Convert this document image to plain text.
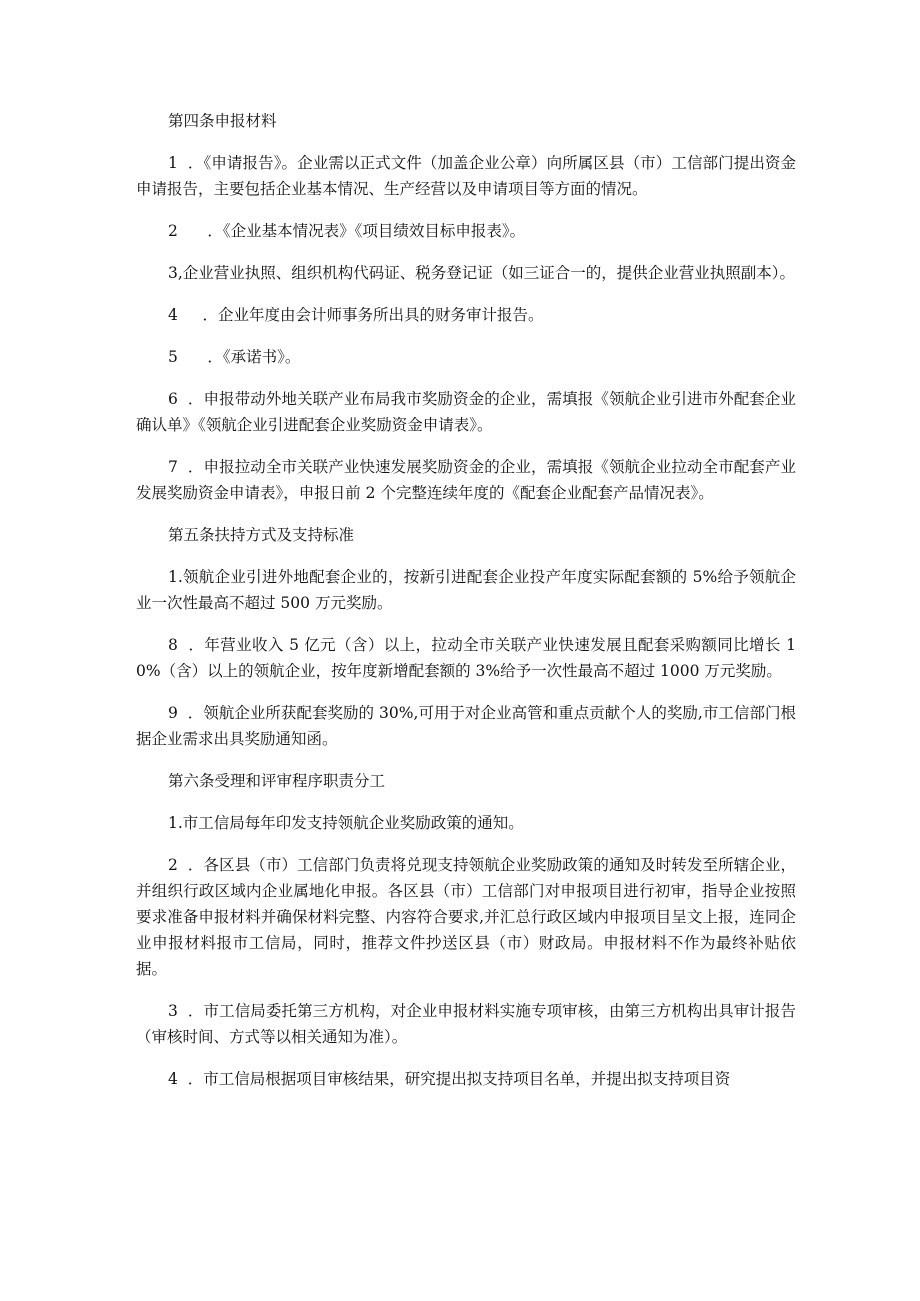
第四条申报材料

1  ．《申请报告》。企业需以正式文件（加盖企业公章）向所属区县（市）工信部门提出资金申请报告，主要包括企业基本情况、生产经营以及申请项目等方面的情况。

2      ．《企业基本情况表》《项目绩效目标申报表》。

3,企业营业执照、组织机构代码证、税务登记证（如三证合一的，提供企业营业执照副本）。

4     ．企业年度由会计师事务所出具的财务审计报告。

5      ．《承诺书》。

6  ．申报带动外地关联产业布局我市奖励资金的企业，需填报《领航企业引进市外配套企业确认单》《领航企业引进配套企业奖励资金申请表》。

7  ．申报拉动全市关联产业快速发展奖励资金的企业，需填报《领航企业拉动全市配套产业发展奖励资金申请表》，申报日前 2 个完整连续年度的《配套企业配套产品情况表》。

第五条扶持方式及支持标准

1.领航企业引进外地配套企业的，按新引进配套企业投产年度实际配套额的 5%给予领航企业一次性最高不超过 500 万元奖励。

8  ．年营业收入 5 亿元（含）以上，拉动全市关联产业快速发展且配套采购额同比增长 10%（含）以上的领航企业，按年度新增配套额的 3%给予一次性最高不超过 1000 万元奖励。

9  ．领航企业所获配套奖励的 30%,可用于对企业高管和重点贡献个人的奖励,市工信部门根据企业需求出具奖励通知函。

第六条受理和评审程序职责分工

1.市工信局每年印发支持领航企业奖励政策的通知。

2  ．各区县（市）工信部门负责将兑现支持领航企业奖励政策的通知及时转发至所辖企业，并组织行政区域内企业属地化申报。各区县（市）工信部门对申报项目进行初审，指导企业按照要求准备申报材料并确保材料完整、内容符合要求,并汇总行政区域内申报项目呈文上报，连同企业申报材料报市工信局，同时，推荐文件抄送区县（市）财政局。申报材料不作为最终补贴依据。

3  ．市工信局委托第三方机构，对企业申报材料实施专项审核，由第三方机构出具审计报告（审核时间、方式等以相关通知为准）。

4  ．市工信局根据项目审核结果，研究提出拟支持项目名单，并提出拟支持项目资
